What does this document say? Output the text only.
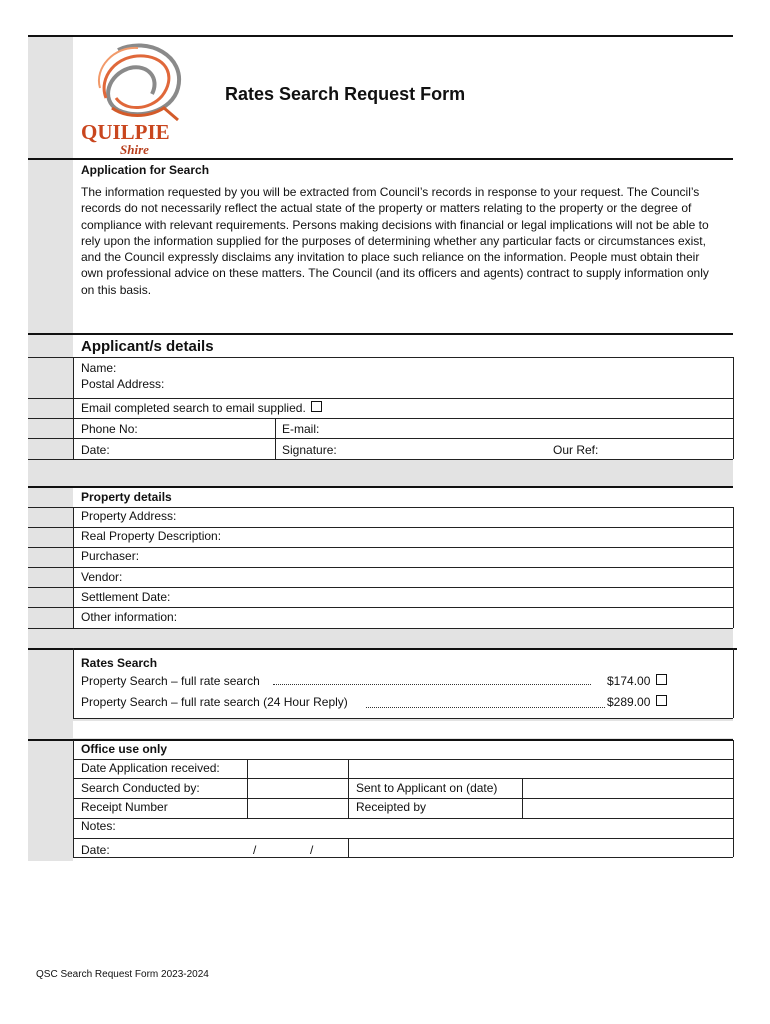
QUILPIE
Shire
Rates Search Request Form
Application for Search
The information requested by you will be extracted from Council’s records in response to your request. The Council’s records do not necessarily reflect the actual state of the property or matters relating to the property or the degree of compliance with relevant requirements. Persons making decisions with financial or legal implications will not be able to rely upon the information supplied for the purposes of determining whether any particular facts or circumstances exist, and the Council expressly disclaims any invitation to place such reliance on the information. People must obtain their own professional advice on these matters. The Council (and its officers and agents) contract to supply information only on this basis.
Applicant/s details
Name:
Postal Address:
Email completed search to email supplied.
Phone No:	E-mail:
Date:	Signature:	Our Ref:
Property details
Property Address:
Real Property Description:
Purchaser:
Vendor:
Settlement Date:
Other information:
Rates Search
Property Search – full rate search	$174.00
Property Search – full rate search (24 Hour Reply)	$289.00
Office use only
Date Application received:
Search Conducted by:	Sent to Applicant on (date)
Receipt Number	Receipted by
Notes:
Date:	/	/
QSC Search Request Form 2023-2024
